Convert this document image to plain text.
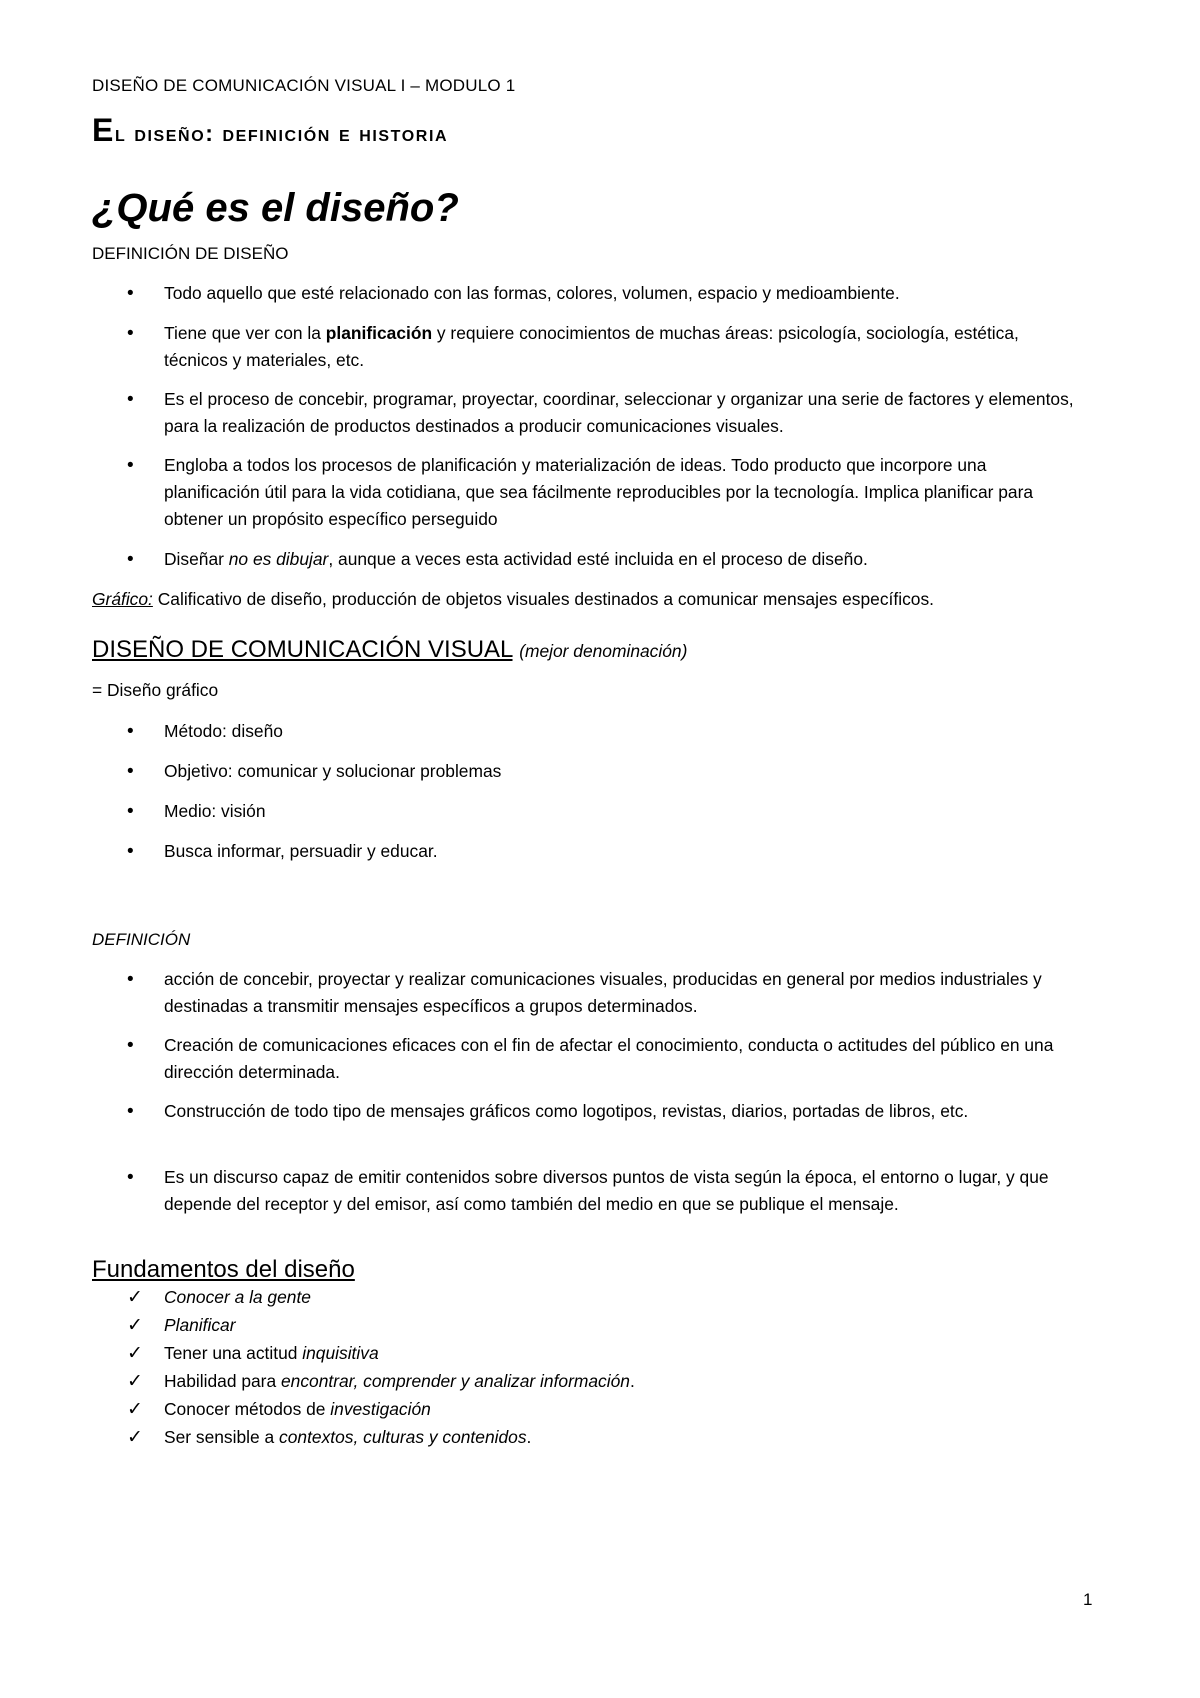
DISEÑO DE COMUNICACIÓN VISUAL I – MODULO 1
El diseño: definición e historia
¿Qué es el diseño?
DEFINICIÓN DE DISEÑO
•	Todo aquello que esté relacionado con las formas, colores, volumen, espacio y medioambiente.
•	Tiene que ver con la planificación y requiere conocimientos de muchas áreas: psicología, sociología, estética, técnicos y materiales, etc.
•	Es el proceso de concebir, programar, proyectar, coordinar, seleccionar y organizar una serie de factores y elementos, para la realización de productos destinados a producir comunicaciones visuales.
•	Engloba a todos los procesos de planificación y materialización de ideas. Todo producto que incorpore una planificación útil para la vida cotidiana, que sea fácilmente reproducibles por la tecnología. Implica planificar para obtener un propósito específico perseguido
•	Diseñar no es dibujar, aunque a veces esta actividad esté incluida en el proceso de diseño.
Gráfico: Calificativo de diseño, producción de objetos visuales destinados a comunicar mensajes específicos.
DISEÑO DE COMUNICACIÓN VISUAL (mejor denominación)
= Diseño gráfico
•	Método: diseño
•	Objetivo: comunicar y solucionar problemas
•	Medio: visión
•	Busca informar, persuadir y educar.
DEFINICIÓN
•	acción de concebir, proyectar y realizar comunicaciones visuales, producidas en general por medios industriales y destinadas a transmitir mensajes específicos a grupos determinados.
•	Creación de comunicaciones eficaces con el fin de afectar el conocimiento, conducta o actitudes del público en una dirección determinada.
•	Construcción de todo tipo de mensajes gráficos como logotipos, revistas, diarios, portadas de libros, etc.
•	Es un discurso capaz de emitir contenidos sobre diversos puntos de vista según la época, el entorno o lugar, y que depende del receptor y del emisor, así como también del medio en que se publique el mensaje.
Fundamentos del diseño
✓ Conocer a la gente
✓ Planificar
✓ Tener una actitud inquisitiva
✓ Habilidad para encontrar, comprender y analizar información.
✓ Conocer métodos de investigación
✓ Ser sensible a contextos, culturas y contenidos.
1
